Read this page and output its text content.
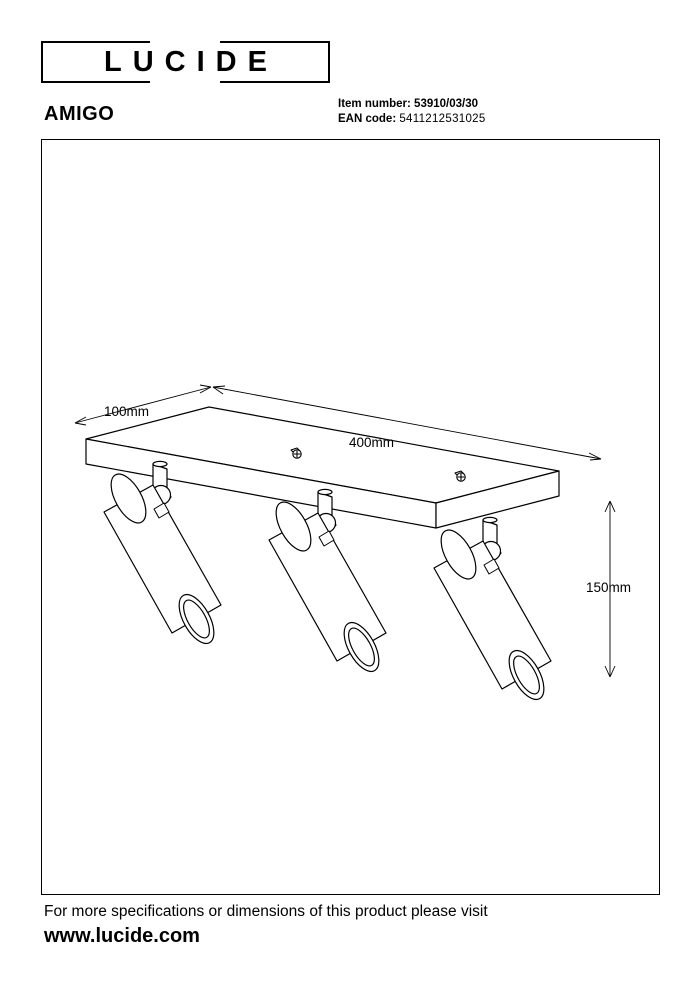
LUCIDE
AMIGO	Item number: 53910/03/30
EAN code: 5411212531025
100mm
400mm
150mm
For more specifications or dimensions of this product please visit
www.lucide.com
